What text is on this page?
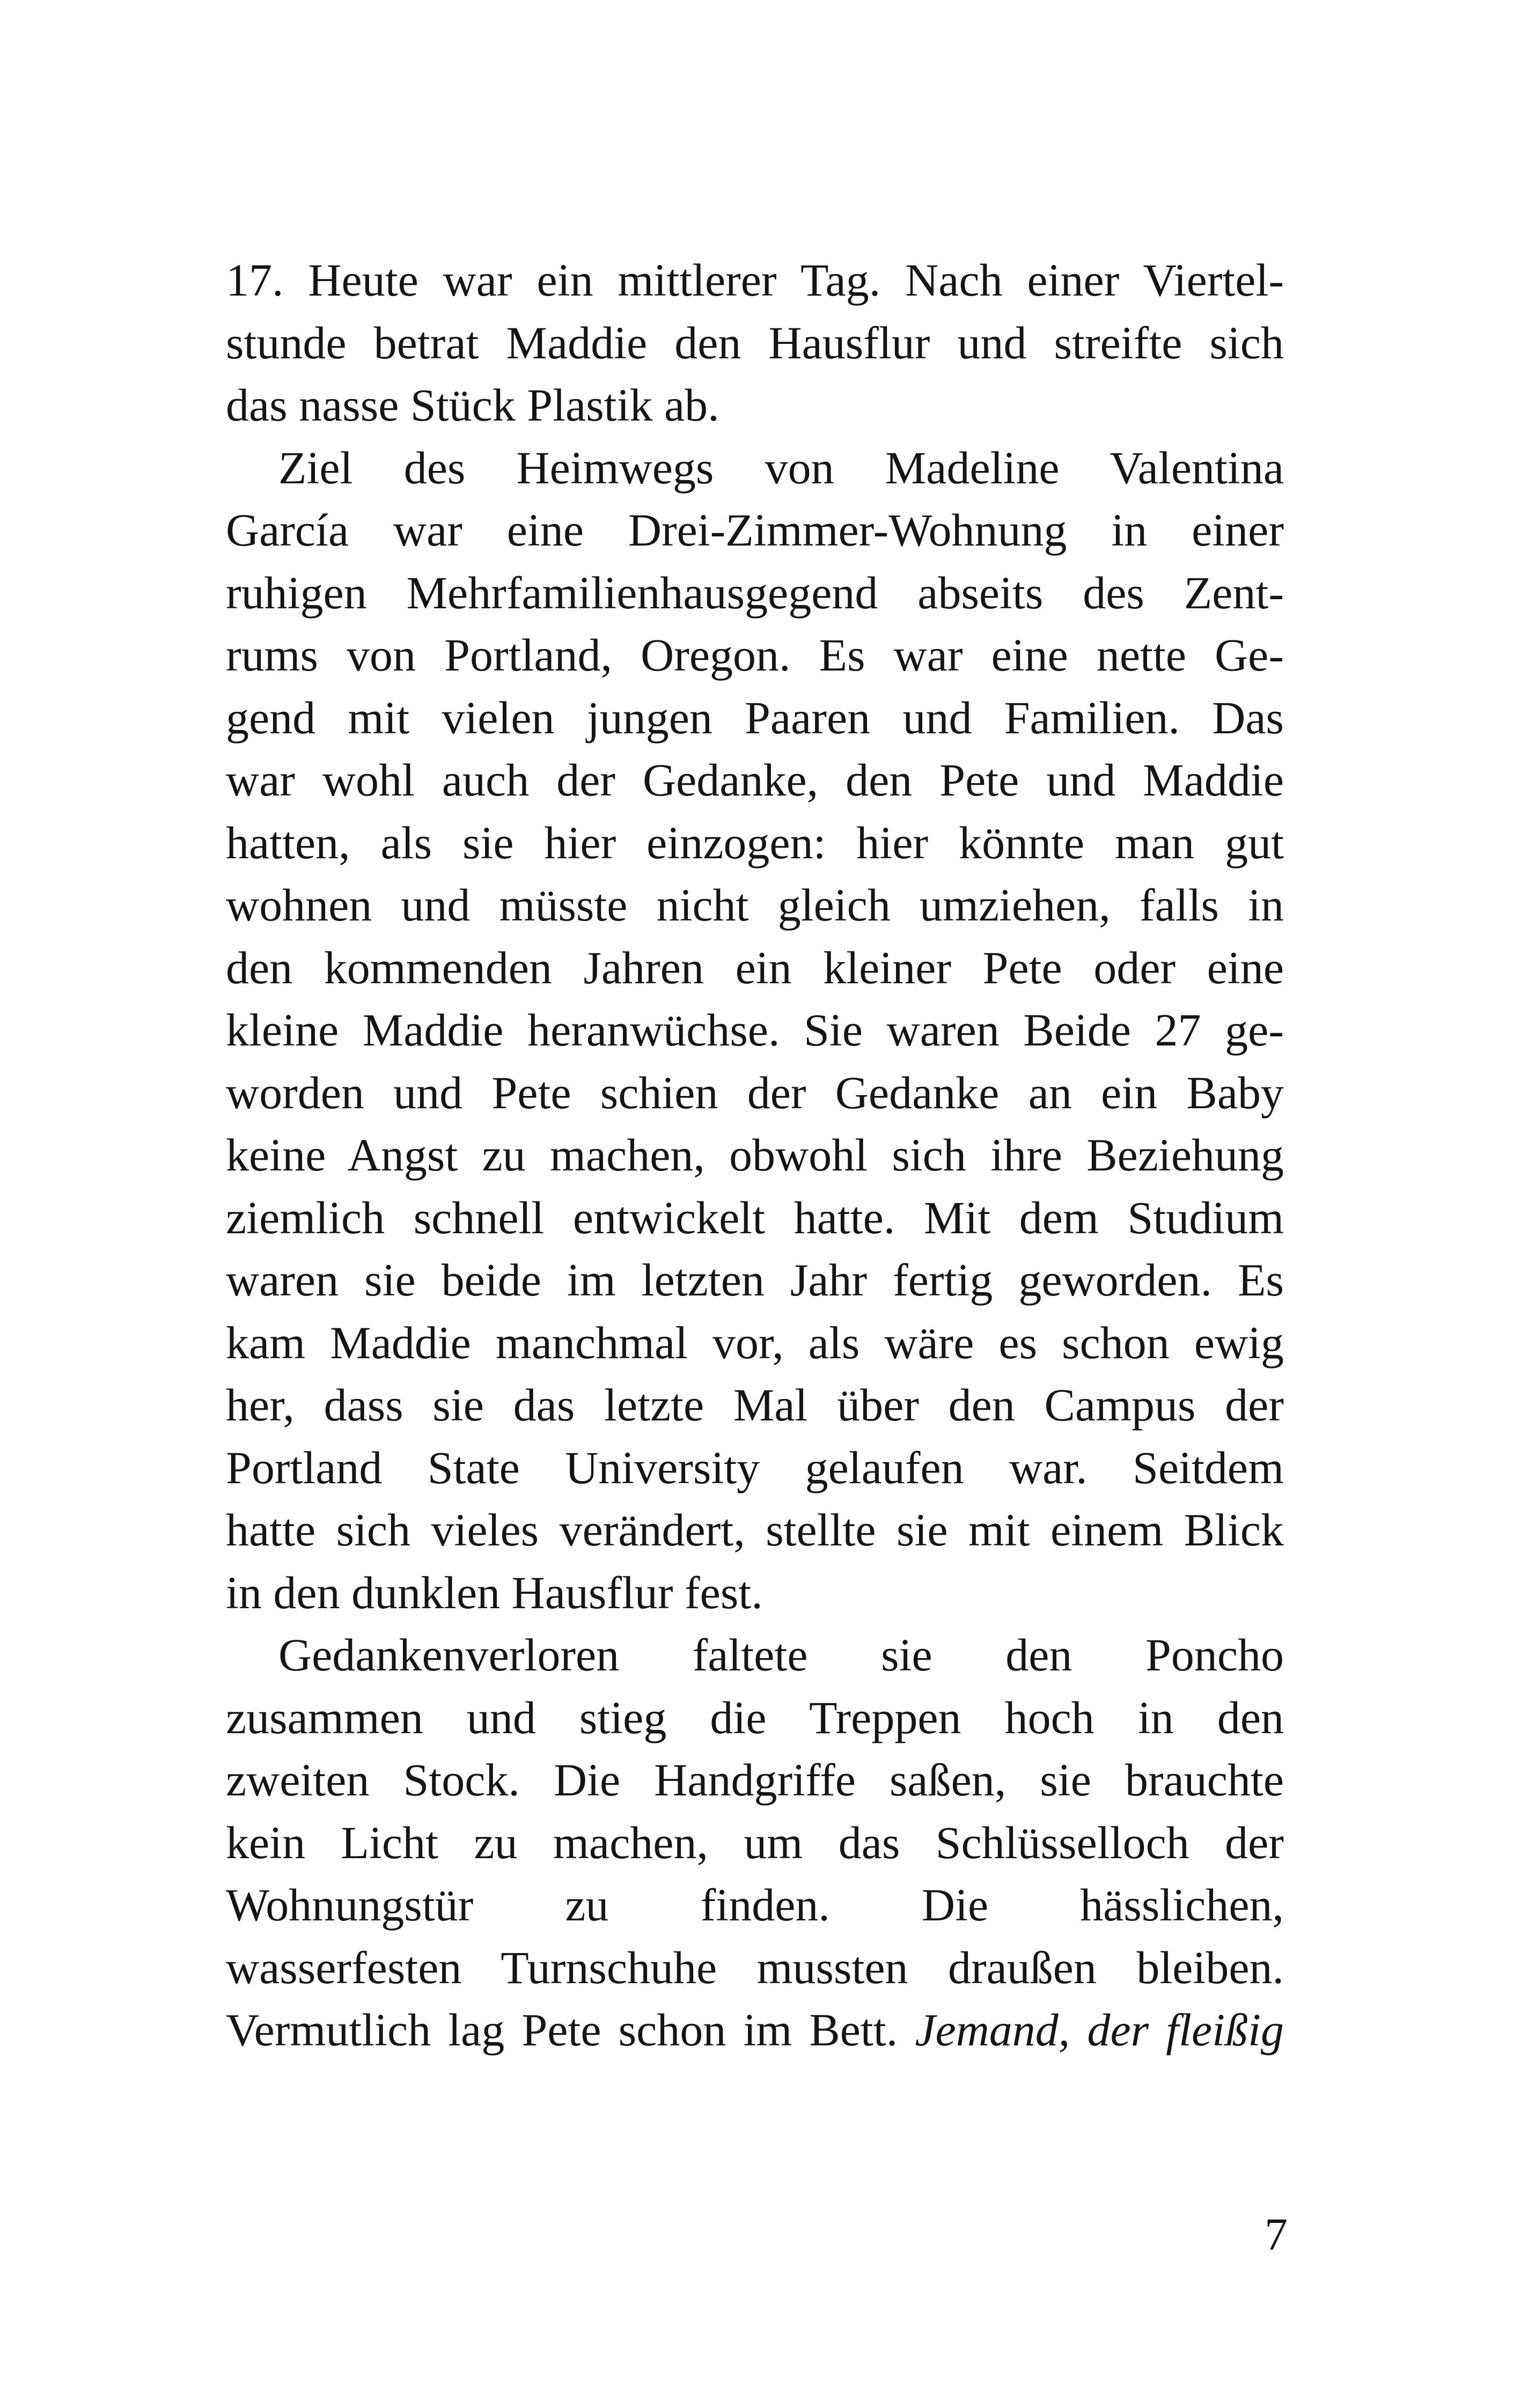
17. Heute war ein mittlerer Tag. Nach einer Viertel-
stunde betrat Maddie den Hausflur und streifte sich
das nasse Stück Plastik ab.
Ziel des Heimwegs von Madeline Valentina
García war eine Drei-Zimmer-Wohnung in einer
ruhigen Mehrfamilienhausgegend abseits des Zent-
rums von Portland, Oregon. Es war eine nette Ge-
gend mit vielen jungen Paaren und Familien. Das
war wohl auch der Gedanke, den Pete und Maddie
hatten, als sie hier einzogen: hier könnte man gut
wohnen und müsste nicht gleich umziehen, falls in
den kommenden Jahren ein kleiner Pete oder eine
kleine Maddie heranwüchse. Sie waren Beide 27 ge-
worden und Pete schien der Gedanke an ein Baby
keine Angst zu machen, obwohl sich ihre Beziehung
ziemlich schnell entwickelt hatte. Mit dem Studium
waren sie beide im letzten Jahr fertig geworden. Es
kam Maddie manchmal vor, als wäre es schon ewig
her, dass sie das letzte Mal über den Campus der
Portland State University gelaufen war. Seitdem
hatte sich vieles verändert, stellte sie mit einem Blick
in den dunklen Hausflur fest.
Gedankenverloren faltete sie den Poncho
zusammen und stieg die Treppen hoch in den
zweiten Stock. Die Handgriffe saßen, sie brauchte
kein Licht zu machen, um das Schlüsselloch der
Wohnungstür zu finden. Die hässlichen,
wasserfesten Turnschuhe mussten draußen bleiben.
Vermutlich lag Pete schon im Bett. Jemand, der fleißig
7
